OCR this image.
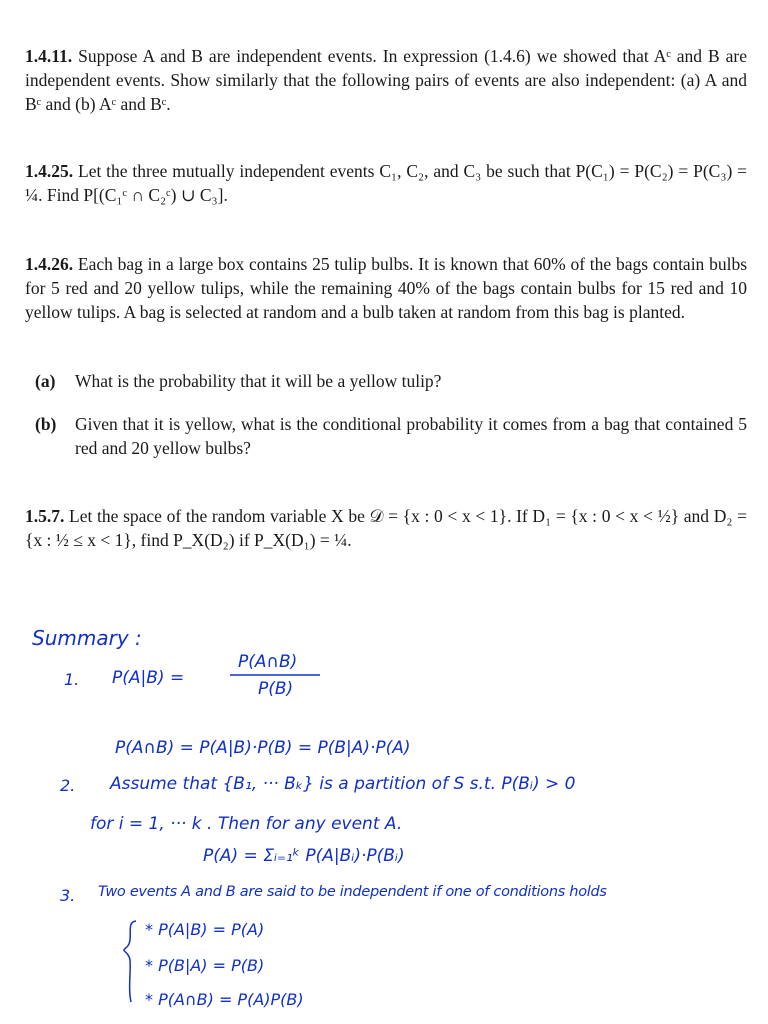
1.4.11. Suppose A and B are independent events. In expression (1.4.6) we showed that Aᶜ and B are independent events. Show similarly that the following pairs of events are also independent: (a) A and Bᶜ and (b) Aᶜ and Bᶜ.
1.4.25. Let the three mutually independent events C₁, C₂, and C₃ be such that P(C₁) = P(C₂) = P(C₃) = ¼. Find P[(C₁ᶜ ∩ C₂ᶜ) ∪ C₃].
1.4.26. Each bag in a large box contains 25 tulip bulbs. It is known that 60% of the bags contain bulbs for 5 red and 20 yellow tulips, while the remaining 40% of the bags contain bulbs for 15 red and 10 yellow tulips. A bag is selected at random and a bulb taken at random from this bag is planted.
(a) What is the probability that it will be a yellow tulip?
(b) Given that it is yellow, what is the conditional probability it comes from a bag that contained 5 red and 20 yellow bulbs?
1.5.7. Let the space of the random variable X be 𝒟 = {x : 0 < x < 1}. If D₁ = {x : 0 < x < ½} and D₂ = {x : ½ ≤ x < 1}, find P_X(D₂) if P_X(D₁) = ¼.
Summary :
1. P(A|B) =
P(A∩B)
P(B)
P(A∩B) = P(A|B)·P(B) = P(B|A)·P(A)
2. Assume that {B₁, ··· Bₖ} is a partition of S s.t. P(Bᵢ) > 0
for i = 1, ··· k . Then for any event A.
P(A) = Σᵢ₌₁ᵏ P(A|Bᵢ)·P(Bᵢ)
3. Two events A and B are said to be independent if one of conditions holds
* P(A|B) = P(A)
* P(B|A) = P(B)
* P(A∩B) = P(A)P(B)
